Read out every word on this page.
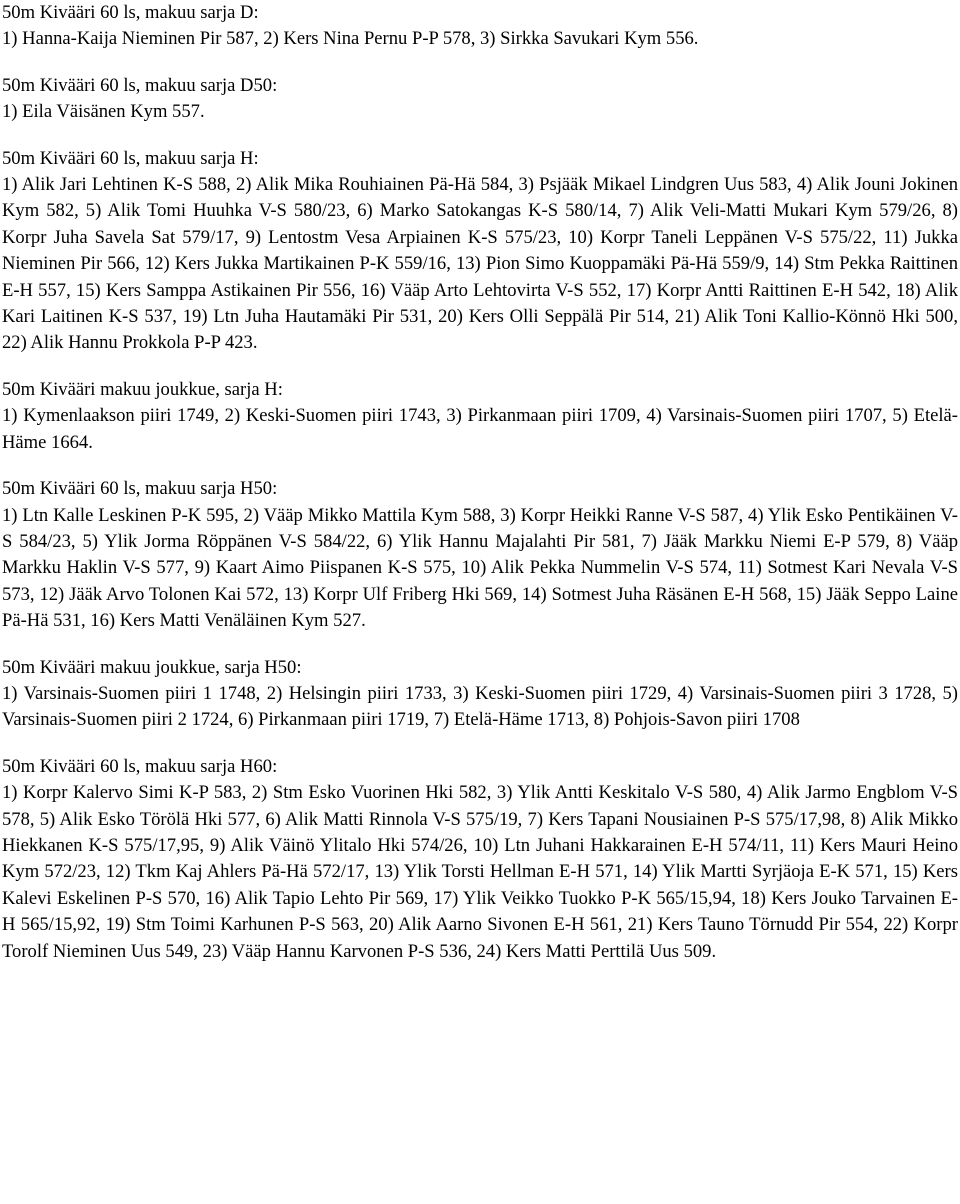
50m Kivääri 60 ls, makuu sarja D:
1) Hanna-Kaija Nieminen Pir 587, 2) Kers Nina Pernu P-P 578, 3) Sirkka Savukari Kym 556.
50m Kivääri 60 ls, makuu sarja D50:
1) Eila Väisänen Kym 557.
50m Kivääri 60 ls, makuu sarja H:
1) Alik Jari Lehtinen K-S 588, 2) Alik Mika Rouhiainen Pä-Hä 584, 3) Psjääk Mikael Lindgren Uus 583, 4) Alik Jouni Jokinen Kym 582, 5) Alik Tomi Huuhka V-S 580/23, 6) Marko Satokangas K-S 580/14, 7) Alik Veli-Matti Mukari Kym 579/26, 8) Korpr Juha Savela Sat 579/17, 9) Lentostm Vesa Arpiainen K-S 575/23, 10) Korpr Taneli Leppänen V-S 575/22, 11) Jukka Nieminen Pir 566, 12) Kers Jukka Martikainen P-K 559/16, 13) Pion Simo Kuoppamäki Pä-Hä 559/9, 14) Stm Pekka Raittinen E-H 557, 15) Kers Samppa Astikainen Pir 556, 16) Vääp Arto Lehtovirta V-S 552, 17) Korpr Antti Raittinen E-H 542, 18) Alik Kari Laitinen K-S 537, 19) Ltn Juha Hautamäki Pir 531, 20) Kers Olli Seppälä Pir 514, 21) Alik Toni Kallio-Könnö Hki 500, 22) Alik Hannu Prokkola P-P 423.
50m Kivääri makuu joukkue, sarja H:
1) Kymenlaakson piiri 1749, 2) Keski-Suomen piiri 1743, 3) Pirkanmaan piiri 1709, 4) Varsinais-Suomen piiri 1707, 5) Etelä-Häme 1664.
50m Kivääri 60 ls, makuu sarja H50:
1) Ltn Kalle Leskinen P-K 595, 2) Vääp Mikko Mattila Kym 588, 3) Korpr Heikki Ranne V-S 587, 4) Ylik Esko Pentikäinen V-S 584/23, 5) Ylik Jorma Röppänen V-S 584/22, 6) Ylik Hannu Majalahti Pir 581, 7) Jääk Markku Niemi E-P 579, 8) Vääp Markku Haklin V-S 577, 9) Kaart Aimo Piispanen K-S 575, 10) Alik Pekka Nummelin V-S 574, 11) Sotmest Kari Nevala V-S 573, 12) Jääk Arvo Tolonen Kai 572, 13) Korpr Ulf Friberg Hki 569, 14) Sotmest Juha Räsänen E-H 568, 15) Jääk Seppo Laine Pä-Hä 531, 16) Kers Matti Venäläinen Kym 527.
50m Kivääri makuu joukkue, sarja H50:
1) Varsinais-Suomen piiri 1 1748, 2) Helsingin piiri 1733, 3) Keski-Suomen piiri 1729, 4) Varsinais-Suomen piiri 3 1728, 5) Varsinais-Suomen piiri 2 1724, 6) Pirkanmaan piiri 1719, 7) Etelä-Häme 1713, 8) Pohjois-Savon piiri 1708
50m Kivääri 60 ls, makuu sarja H60:
1) Korpr Kalervo Simi K-P 583, 2) Stm Esko Vuorinen Hki 582, 3) Ylik Antti Keskitalo V-S 580, 4) Alik Jarmo Engblom V-S 578, 5) Alik Esko Törölä Hki 577, 6) Alik Matti Rinnola V-S 575/19, 7) Kers Tapani Nousiainen P-S 575/17,98, 8) Alik Mikko Hiekkanen K-S 575/17,95, 9) Alik Väinö Ylitalo Hki 574/26, 10) Ltn Juhani Hakkarainen E-H 574/11, 11) Kers Mauri Heino Kym 572/23, 12) Tkm Kaj Ahlers Pä-Hä 572/17, 13) Ylik Torsti Hellman E-H 571, 14) Ylik Martti Syrjäoja E-K 571, 15) Kers Kalevi Eskelinen P-S 570, 16) Alik Tapio Lehto Pir 569, 17) Ylik Veikko Tuokko P-K 565/15,94, 18) Kers Jouko Tarvainen E-H 565/15,92, 19) Stm Toimi Karhunen P-S 563, 20) Alik Aarno Sivonen E-H 561, 21) Kers Tauno Törnudd Pir 554, 22) Korpr Torolf Nieminen Uus 549, 23) Vääp Hannu Karvonen P-S 536, 24) Kers Matti Perttilä Uus 509.
